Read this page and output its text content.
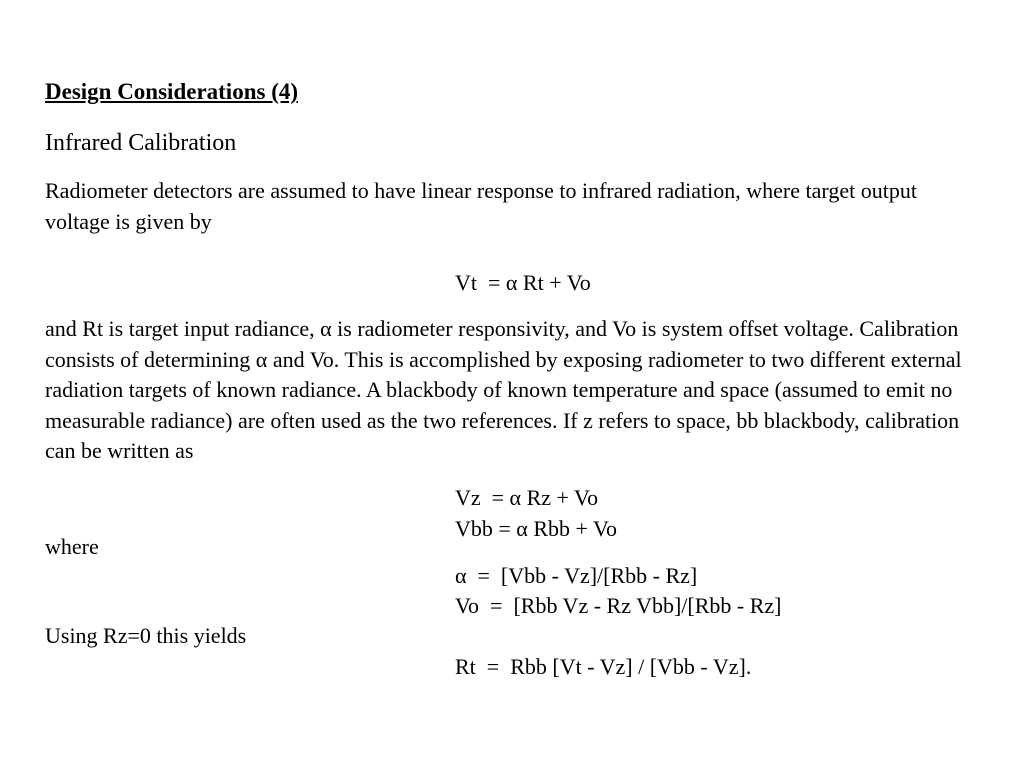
Design Considerations (4)
Infrared Calibration
Radiometer detectors are assumed to have linear response to infrared radiation, where target output voltage is given by
Vt  = α Rt + Vo
and Rt is target input radiance, α is radiometer responsivity, and Vo is system offset voltage. Calibration consists of determining α and Vo. This is accomplished by exposing radiometer to two different external radiation targets of known radiance. A blackbody of known temperature and space (assumed to emit no measurable radiance) are often used as the two references. If z refers to space, bb blackbody, calibration can be written as
Vz  = α Rz + Vo
Vbb = α Rbb + Vo
where
α  =  [Vbb - Vz]/[Rbb - Rz]
Vo  =  [Rbb Vz - Rz Vbb]/[Rbb - Rz]
Using Rz=0 this yields
Rt  =  Rbb [Vt - Vz] / [Vbb - Vz].
